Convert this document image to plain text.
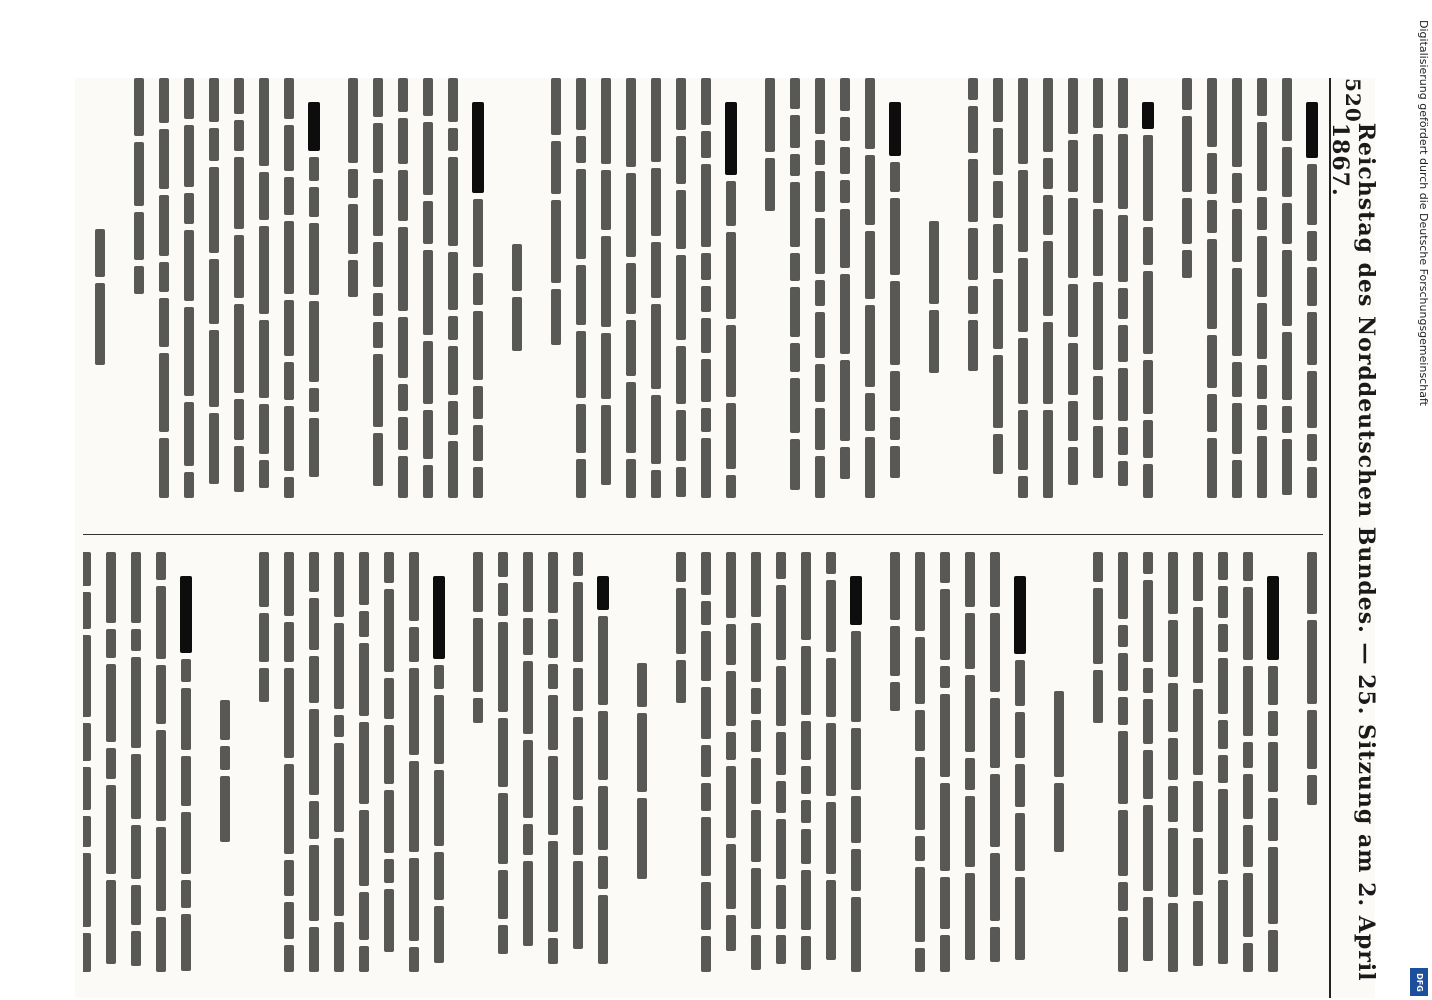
520
Reichstag des Norddeutschen Bundes. — 25. Sitzung am 2. April 1867.	Digitalisierung gefördert durch die Deutsche Forschungsgemeinschaft
DFG
